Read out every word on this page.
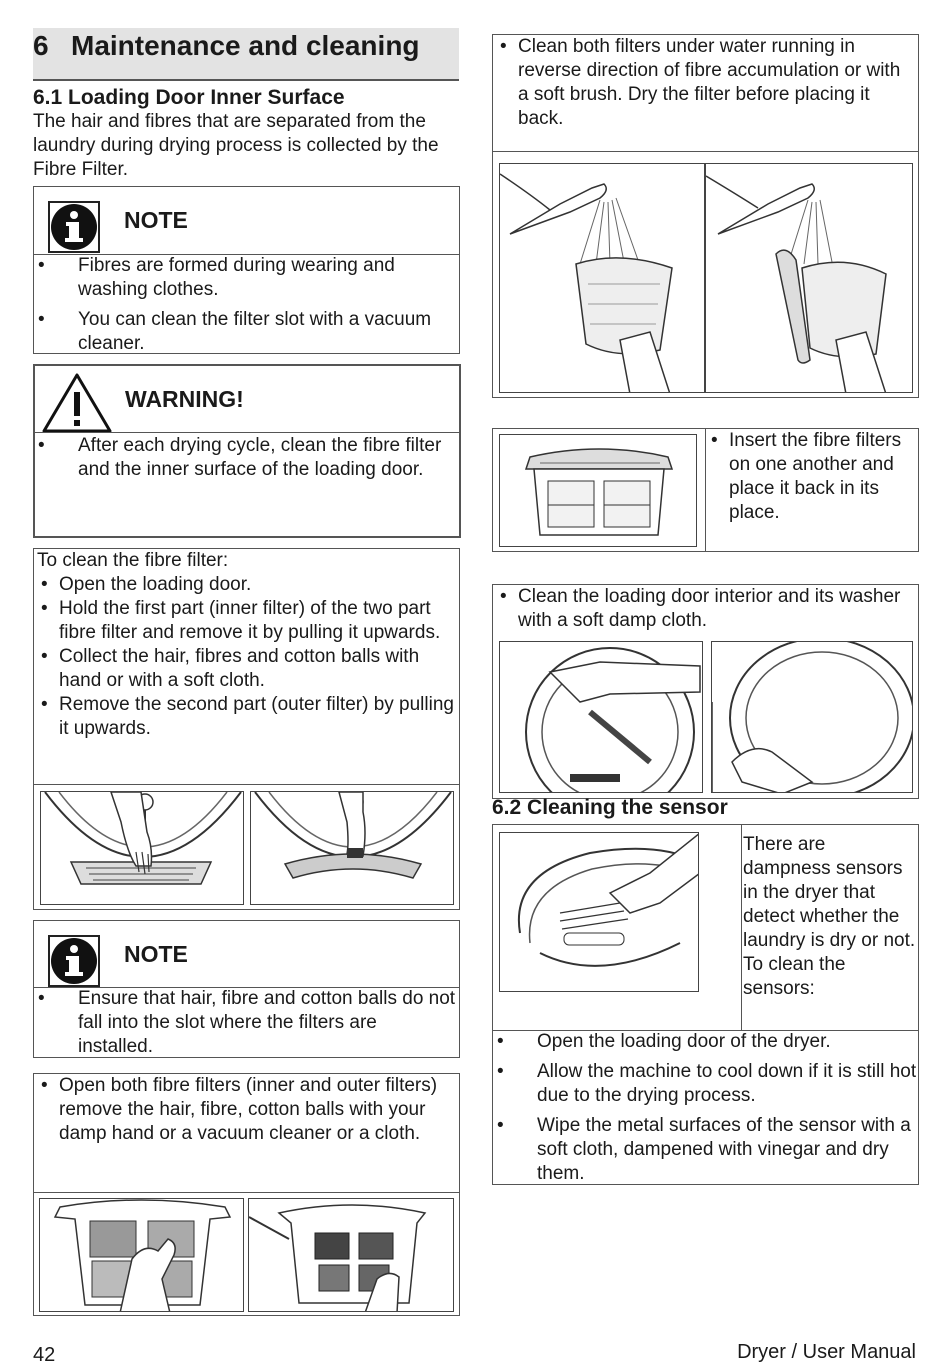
6 Maintenance and cleaning
6.1 Loading Door Inner Surface
The hair and fibres that are separated from the laundry during drying process is collected by the Fibre Filter.
NOTE
• Fibres are formed during wearing and washing clothes.
• You can clean the filter slot with a vacuum cleaner.
WARNING!
• After each drying cycle, clean the fibre filter and the inner surface of the loading door.
To clean the fibre filter:
• Open the loading door.
• Hold the first part (inner filter) of the two part fibre filter and remove it by pulling it upwards.
• Collect the hair, fibres and cotton balls with hand or with a soft cloth.
• Remove the second part (outer filter) by pulling it upwards.
NOTE
• Ensure that hair, fibre and cotton balls do not fall into the slot where the filters are installed.
• Open both fibre filters (inner and outer filters) remove the hair, fibre, cotton balls with your damp hand or a vacuum cleaner or a cloth.
• Clean both filters under water running in reverse direction of fibre accumulation or with a soft brush. Dry the filter before placing it back.
• Insert the fibre filters on one another and place it back in its place.
• Clean the loading door interior and its washer with a soft damp cloth.
6.2 Cleaning the sensor
There are dampness sensors in the dryer that detect whether the laundry is dry or not.
To clean the sensors:
• Open the loading door of the dryer.
• Allow the machine to cool down if it is still hot due to the drying process.
• Wipe the metal surfaces of the sensor with a soft cloth, dampened with vinegar and dry them.
42	Dryer / User Manual
